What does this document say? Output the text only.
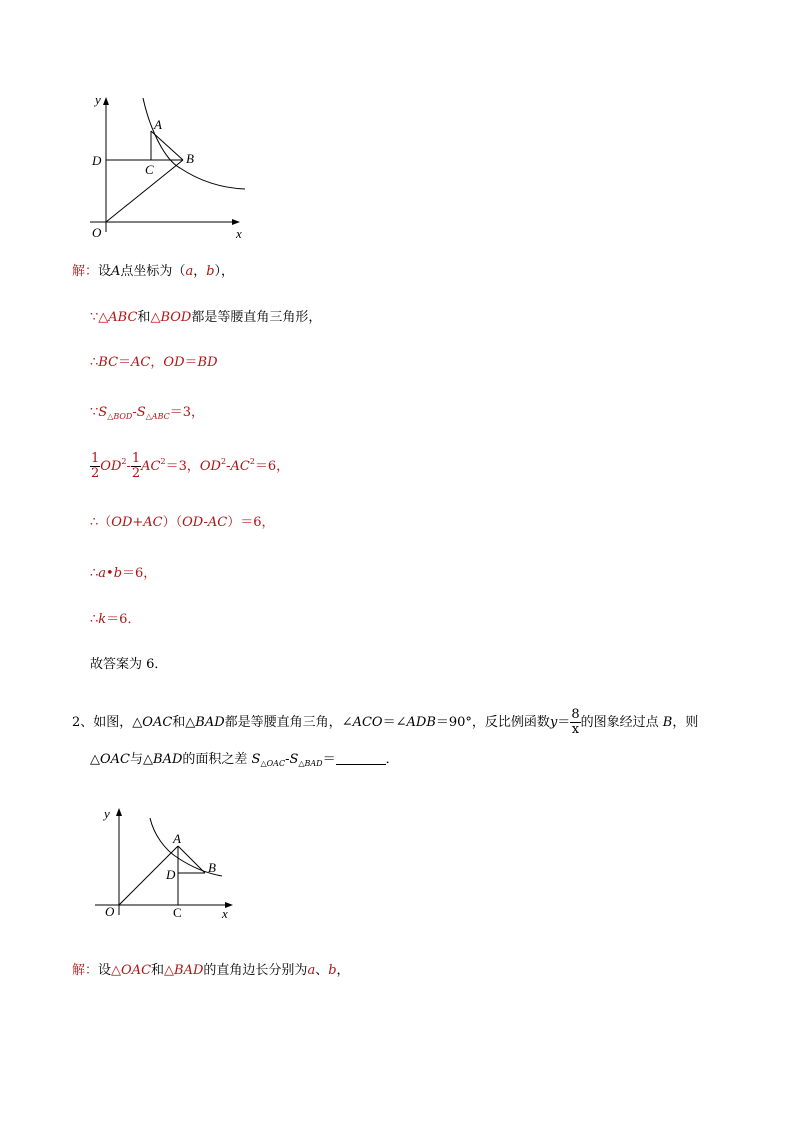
y
x
O
A
B
C
D
解：设A点坐标为（a，b），
∵△ABC和△BOD都是等腰直角三角形，
∴BC＝AC，OD＝BD
$\because S_{\triangle BOD}-S_{\triangle ABC}=3$，
$\frac{1}{2} OD^2- \frac{1}{2} AC^2=3$，$OD^2-AC^2=6$，
∴（OD+AC）（OD-AC）＝6，
∴a•b＝6，
∴k＝6．
故答案为 6．
2、如图，△OAC和△BAD都是等腰直角三角，∠ACO＝∠ADB＝90°，反比例函数$y= \frac{8}{x}$ 的图象经过点 B，则
△OAC与△BAD的面积之差 $S_{\triangle OAC}-S_{\triangle BAD}=$	．
y
x
O
A
B
C
D
解：设△OAC和△BAD的直角边长分别为a、b，
